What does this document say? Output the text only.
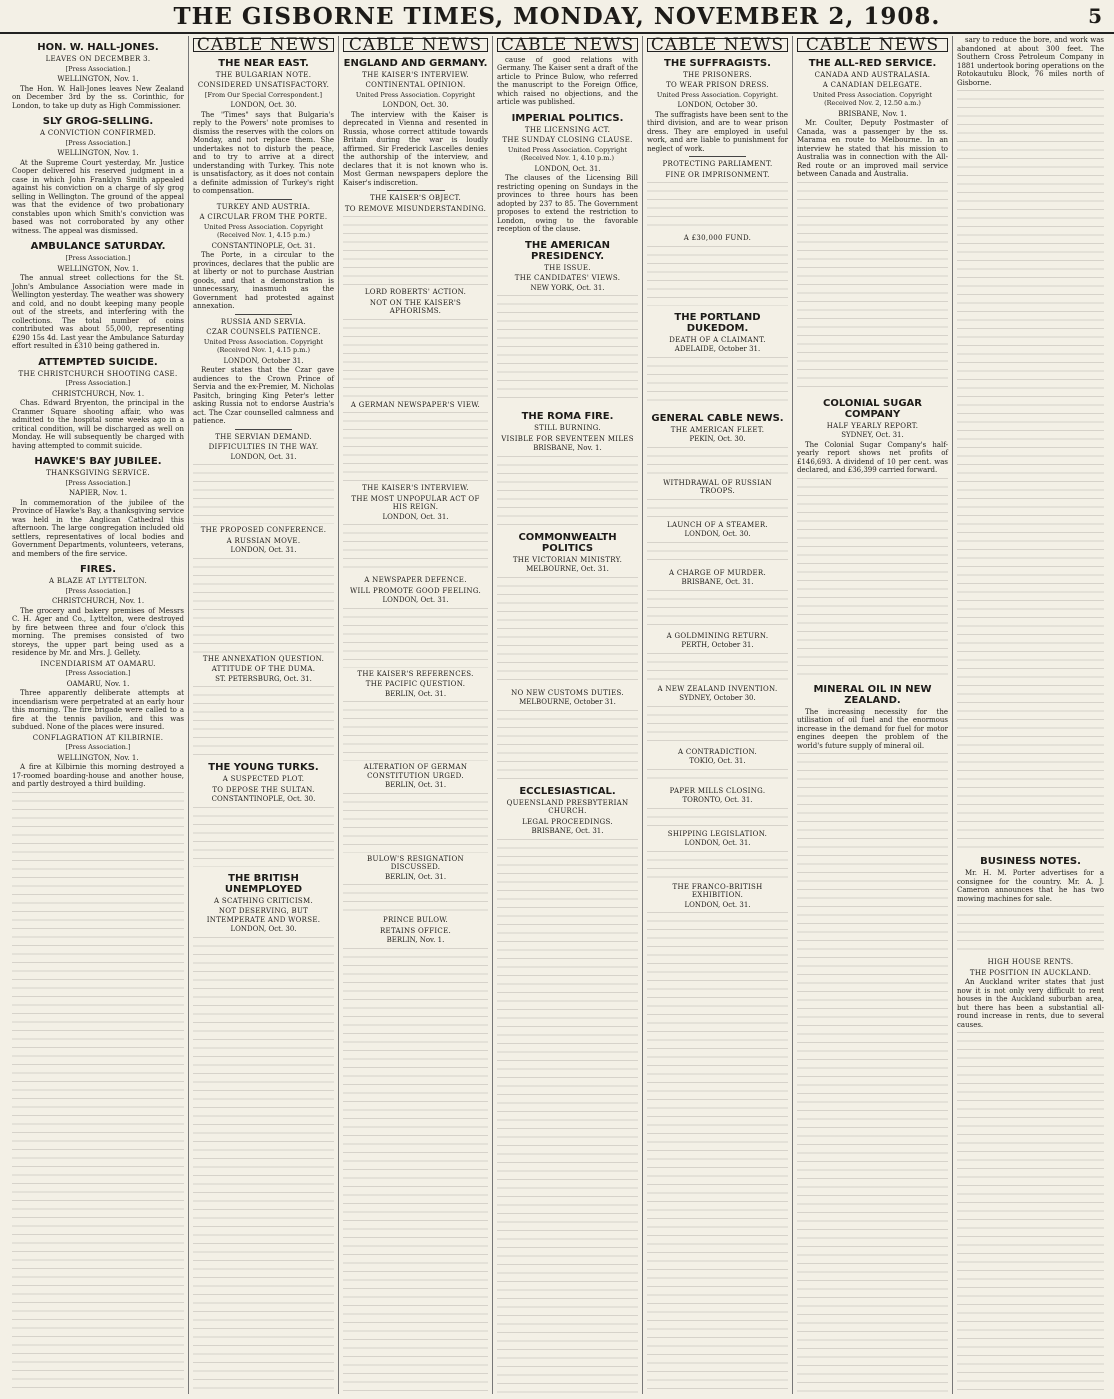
THE GISBORNE TIMES, MONDAY, NOVEMBER 2, 1908.	5
HON. W. HALL-JONES.
LEAVES ON DECEMBER 3.
[Press Association.]
WELLINGTON, Nov. 1.

The Hon. W. Hall-Jones leaves New Zealand on December 3rd by the ss. Corinthic, for London, to take up duty as High Commissioner.

SLY GROG-SELLING.
A CONVICTION CONFIRMED.
[Press Association.]
WELLINGTON, Nov. 1.

At the Supreme Court yesterday, Mr. Justice Cooper delivered his reserved judgment in a case in which John Franklyn Smith appealed against his conviction on a charge of sly grog selling in Wellington. The ground of the appeal was that the evidence of two probationary constables upon which Smith's conviction was based was not corroborated by any other witness. The appeal was dismissed.

AMBULANCE SATURDAY.
[Press Association.]
WELLINGTON, Nov. 1.

The annual street collections for the St. John's Ambulance Association were made in Wellington yesterday. The weather was showery and cold, and no doubt keeping many people out of the streets, and interfering with the collections. The total number of coins contributed was about 55,000, representing £290 15s 4d. Last year the Ambulance Saturday effort resulted in £310 being gathered in.

ATTEMPTED SUICIDE.
THE CHRISTCHURCH SHOOTING CASE.
[Press Association.]
CHRISTCHURCH, Nov. 1.

Chas. Edward Bryenton, the principal in the Cranmer Square shooting affair, who was admitted to the hospital some weeks ago in a critical condition, will be discharged as well on Monday. He will subsequently be charged with having attempted to commit suicide.

HAWKE'S BAY JUBILEE.
THANKSGIVING SERVICE.
[Press Association.]
NAPIER, Nov. 1.

In commemoration of the jubilee of the Province of Hawke's Bay, a thanksgiving service was held in the Anglican Cathedral this afternoon. The large congregation included old settlers, representatives of local bodies and Government Departments, volunteers, veterans, and members of the fire service.

FIRES.
A BLAZE AT LYTTELTON.
[Press Association.]
CHRISTCHURCH, Nov. 1.

The grocery and bakery premises of Messrs C. H. Ager and Co., Lyttelton, were destroyed by fire between three and four o'clock this morning. The premises consisted of two storeys, the upper part being used as a residence by Mr. and Mrs. J. Gellety.

INCENDIARISM AT OAMARU.
[Press Association.]
OAMARU, Nov. 1.

Three apparently deliberate attempts at incendiarism were perpetrated at an early hour this morning. The fire brigade were called to a fire at the tennis pavilion, and this was subdued. None of the places were insured.

CONFLAGRATION AT KILBIRNIE.
[Press Association.]
WELLINGTON, Nov. 1.

A fire at Kilbirnie this morning destroyed a 17-roomed boarding-house and another house, and partly destroyed a third building.

CABLE NEWS
THE NEAR EAST.
THE BULGARIAN NOTE.
CONSIDERED UNSATISFACTORY.
[From Our Special Correspondent.]
LONDON, Oct. 30.

The "Times" says that Bulgaria's reply to the Powers' note promises to dismiss the reserves with the colors on Monday, and not replace them. She undertakes not to disturb the peace, and to try to arrive at a direct understanding with Turkey. This note is unsatisfactory, as it does not contain a definite admission of Turkey's right to compensation.

TURKEY AND AUSTRIA.
A CIRCULAR FROM THE PORTE.
United Press Association. Copyright (Received Nov. 1, 4.15 p.m.)
CONSTANTINOPLE, Oct. 31.

The Porte, in a circular to the provinces, declares that the public are at liberty or not to purchase Austrian goods, and that a demonstration is unnecessary, inasmuch as the Government had protested against annexation.

RUSSIA AND SERVIA.
CZAR COUNSELS PATIENCE.
United Press Association. Copyright (Received Nov. 1, 4.15 p.m.)
LONDON, October 31.

Reuter states that the Czar gave audiences to the Crown Prince of Servia and the ex-Premier, M. Nicholas Pasitch, bringing King Peter's letter asking Russia not to endorse Austria's act. The Czar counselled calmness and patience.

THE SERVIAN DEMAND.
DIFFICULTIES IN THE WAY.
LONDON, Oct. 31.
THE PROPOSED CONFERENCE.
A RUSSIAN MOVE.
LONDON, Oct. 31.
THE ANNEXATION QUESTION.
ATTITUDE OF THE DUMA.
ST. PETERSBURG, Oct. 31.
THE YOUNG TURKS.
A SUSPECTED PLOT.
TO DEPOSE THE SULTAN.
CONSTANTINOPLE, Oct. 30.
THE BRITISH UNEMPLOYED
A SCATHING CRITICISM.
NOT DESERVING, BUT INTEMPERATE AND WORSE.
LONDON, Oct. 30.
CABLE NEWS
ENGLAND AND GERMANY.
THE KAISER'S INTERVIEW.
CONTINENTAL OPINION.
United Press Association. Copyright
LONDON, Oct. 30.

The interview with the Kaiser is deprecated in Vienna and resented in Russia, whose correct attitude towards Britain during the war is loudly affirmed. Sir Frederick Lascelles denies the authorship of the interview, and declares that it is not known who is. Most German newspapers deplore the Kaiser's indiscretion.

THE KAISER'S OBJECT.
TO REMOVE MISUNDERSTANDING.
LORD ROBERTS' ACTION.
NOT ON THE KAISER'S APHORISMS.
A GERMAN NEWSPAPER'S VIEW.
THE KAISER'S INTERVIEW.
THE MOST UNPOPULAR ACT OF HIS REIGN.
LONDON, Oct. 31.
A NEWSPAPER DEFENCE.
WILL PROMOTE GOOD FEELING.
LONDON, Oct. 31.
THE KAISER'S REFERENCES.
THE PACIFIC QUESTION.
BERLIN, Oct. 31.
ALTERATION OF GERMAN CONSTITUTION URGED.
BERLIN, Oct. 31.
BULOW'S RESIGNATION DISCUSSED.
BERLIN, Oct. 31.
PRINCE BULOW.
RETAINS OFFICE.
BERLIN, Nov. 1.
CABLE NEWS

cause of good relations with Germany. The Kaiser sent a draft of the article to Prince Bulow, who referred the manuscript to the Foreign Office, which raised no objections, and the article was published.

IMPERIAL POLITICS.
THE LICENSING ACT.
THE SUNDAY CLOSING CLAUSE.
United Press Association. Copyright (Received Nov. 1, 4.10 p.m.)
LONDON, Oct. 31.

The clauses of the Licensing Bill restricting opening on Sundays in the provinces to three hours has been adopted by 237 to 85. The Government proposes to extend the restriction to London, owing to the favorable reception of the clause.

THE AMERICAN PRESIDENCY.
THE ISSUE.
THE CANDIDATES' VIEWS.
NEW YORK, Oct. 31.
THE ROMA FIRE.
STILL BURNING.
VISIBLE FOR SEVENTEEN MILES
BRISBANE, Nov. 1.
COMMONWEALTH POLITICS
THE VICTORIAN MINISTRY.
MELBOURNE, Oct. 31.
NO NEW CUSTOMS DUTIES.
MELBOURNE, October 31.
ECCLESIASTICAL.
QUEENSLAND PRESBYTERIAN CHURCH.
LEGAL PROCEEDINGS.
BRISBANE, Oct. 31.
CABLE NEWS
THE SUFFRAGISTS.
THE PRISONERS.
TO WEAR PRISON DRESS.
United Press Association. Copyright.
LONDON, October 30.

The suffragists have been sent to the third division, and are to wear prison dress. They are employed in useful work, and are liable to punishment for neglect of work.

PROTECTING PARLIAMENT.
FINE OR IMPRISONMENT.
A £30,000 FUND.
THE PORTLAND DUKEDOM.
DEATH OF A CLAIMANT.
ADELAIDE, October 31.
GENERAL CABLE NEWS.
THE AMERICAN FLEET.
PEKIN, Oct. 30.
WITHDRAWAL OF RUSSIAN TROOPS.
LAUNCH OF A STEAMER.
LONDON, Oct. 30.
A CHARGE OF MURDER.
BRISBANE, Oct. 31.
A GOLDMINING RETURN.
PERTH, October 31.
A NEW ZEALAND INVENTION.
SYDNEY, October 30.
A CONTRADICTION.
TOKIO, Oct. 31.
PAPER MILLS CLOSING.
TORONTO, Oct. 31.
SHIPPING LEGISLATION.
LONDON, Oct. 31.
THE FRANCO-BRITISH EXHIBITION.
LONDON, Oct. 31.
CABLE NEWS
THE ALL-RED SERVICE.
CANADA AND AUSTRALASIA.
A CANADIAN DELEGATE.
United Press Association. Copyright (Received Nov. 2, 12.50 a.m.)
BRISBANE, Nov. 1.

Mr. Coulter, Deputy Postmaster of Canada, was a passenger by the ss. Marama en route to Melbourne. In an interview he stated that his mission to Australia was in connection with the All-Red route or an improved mail service between Canada and Australia.

COLONIAL SUGAR COMPANY
HALF YEARLY REPORT.
SYDNEY, Oct. 31.

The Colonial Sugar Company's half-yearly report shows net profits of £146,693. A dividend of 10 per cent. was declared, and £36,399 carried forward.

MINERAL OIL IN NEW ZEALAND.

The increasing necessity for the utilisation of oil fuel and the enormous increase in the demand for fuel for motor engines deepen the problem of the world's future supply of mineral oil.

sary to reduce the bore, and work was abandoned at about 300 feet. The Southern Cross Petroleum Company in 1881 undertook boring operations on the Rotokautuku Block, 76 miles north of Gisborne.

BUSINESS NOTES.

Mr. H. M. Porter advertises for a consignee for the country. Mr. A. J. Cameron announces that he has two mowing machines for sale.

HIGH HOUSE RENTS.
THE POSITION IN AUCKLAND.

An Auckland writer states that just now it is not only very difficult to rent houses in the Auckland suburban area, but there has been a substantial all-round increase in rents, due to several causes.
